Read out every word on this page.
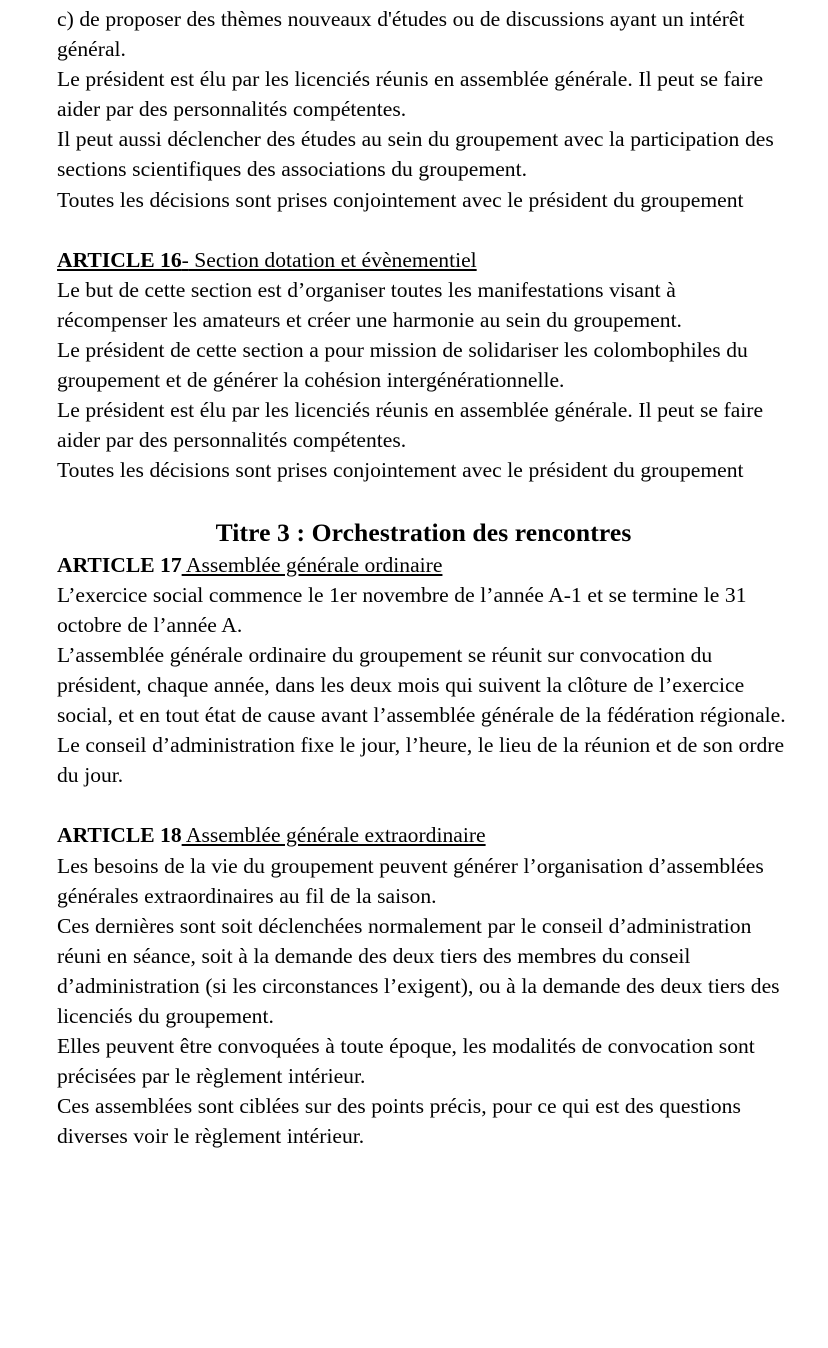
c) de proposer des thèmes nouveaux d'études ou de discussions ayant un intérêt général.

Le président est élu par les licenciés réunis en assemblée générale. Il peut se faire aider par des personnalités compétentes.

Il peut aussi déclencher des études au sein du groupement avec la participation des sections scientifiques des associations du groupement.

Toutes les décisions sont prises conjointement avec le président du groupement

ARTICLE 16- Section dotation et évènementiel

Le but de cette section est d’organiser toutes les manifestations visant à récompenser les amateurs et créer une harmonie au sein du groupement.

Le président de cette section a pour mission de solidariser les colombophiles du groupement et de générer la cohésion intergénérationnelle.

Le président est élu par les licenciés réunis en assemblée générale. Il peut se faire aider par des personnalités compétentes.

Toutes les décisions sont prises conjointement avec le président du groupement

Titre 3 : Orchestration des rencontres

ARTICLE 17 Assemblée générale ordinaire

L’exercice social commence le 1er novembre de l’année A-1 et se termine le 31 octobre de l’année A.

L’assemblée générale ordinaire du groupement se réunit sur convocation du président, chaque année, dans les deux mois qui suivent la clôture de l’exercice social, et en tout état de cause avant l’assemblée générale de la fédération régionale.

Le conseil d’administration fixe le jour, l’heure, le lieu de la réunion et de son ordre du jour.

ARTICLE 18 Assemblée générale extraordinaire

Les besoins de la vie du groupement peuvent générer l’organisation d’assemblées générales extraordinaires au fil de la saison.

Ces dernières sont soit déclenchées normalement par le conseil d’administration réuni en séance, soit à la demande des deux tiers des membres du conseil d’administration (si les circonstances l’exigent), ou à la demande des deux tiers des licenciés du groupement.

Elles peuvent être convoquées à toute époque, les modalités de convocation sont précisées par le règlement intérieur.

Ces assemblées sont ciblées sur des points précis, pour ce qui est des questions diverses voir le règlement intérieur.
